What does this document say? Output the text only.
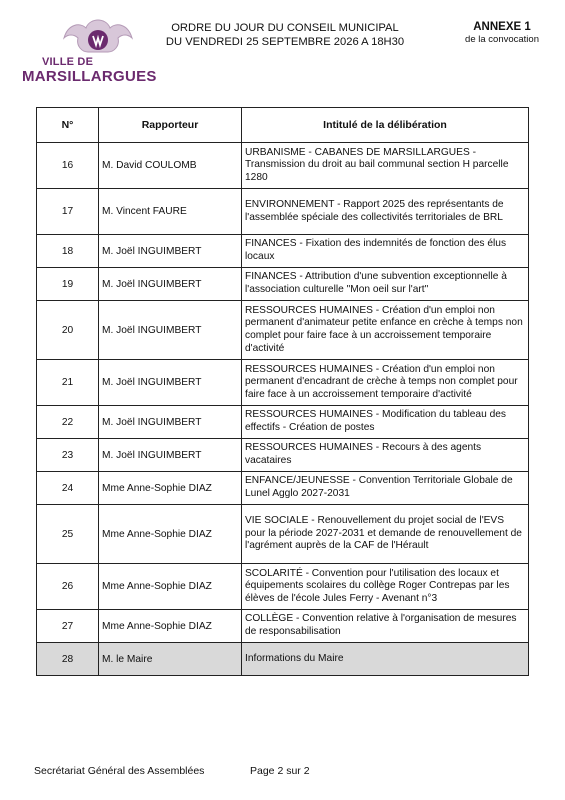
VILLE DE
MARSILLARGUES
ORDRE DU JOUR DU CONSEIL MUNICIPAL
DU VENDREDI 25 SEPTEMBRE 2026 A 18H30
ANNEXE 1
de la convocation
N°	Rapporteur	Intitulé de la délibération
16	M. David COULOMB	URBANISME - CABANES DE MARSILLARGUES - Transmission du droit au bail communal section H parcelle 1280
17	M. Vincent FAURE	ENVIRONNEMENT - Rapport 2025 des représentants de l'assemblée spéciale des collectivités territoriales de BRL
18	M. Joël INGUIMBERT	FINANCES - Fixation des indemnités de fonction des élus locaux
19	M. Joël INGUIMBERT	FINANCES - Attribution d'une subvention exceptionnelle à l'association culturelle "Mon oeil sur l'art"
20	M. Joël INGUIMBERT	RESSOURCES HUMAINES - Création d'un emploi non permanent d'animateur petite enfance en crèche à temps non complet pour faire face à un accroissement temporaire d'activité
21	M. Joël INGUIMBERT	RESSOURCES HUMAINES - Création d'un emploi non permanent d'encadrant de crèche à temps non complet pour faire face à un accroissement temporaire d'activité
22	M. Joël INGUIMBERT	RESSOURCES HUMAINES - Modification du tableau des effectifs - Création de postes
23	M. Joël INGUIMBERT	RESSOURCES HUMAINES - Recours à des agents vacataires
24	Mme Anne-Sophie DIAZ	ENFANCE/JEUNESSE - Convention Territoriale Globale de Lunel Agglo 2027-2031
25	Mme Anne-Sophie DIAZ	VIE SOCIALE - Renouvellement du projet social de l'EVS pour la période 2027-2031 et demande de renouvellement de l'agrément auprès de la CAF de l'Hérault
26	Mme Anne-Sophie DIAZ	SCOLARITÉ - Convention pour l'utilisation des locaux et équipements scolaires du collège Roger Contrepas par les élèves de l'école Jules Ferry - Avenant n°3
27	Mme Anne-Sophie DIAZ	COLLÈGE - Convention relative à l'organisation de mesures de responsabilisation
28	M. le Maire	Informations du Maire
Secrétariat Général des Assemblées	Page 2 sur 2
